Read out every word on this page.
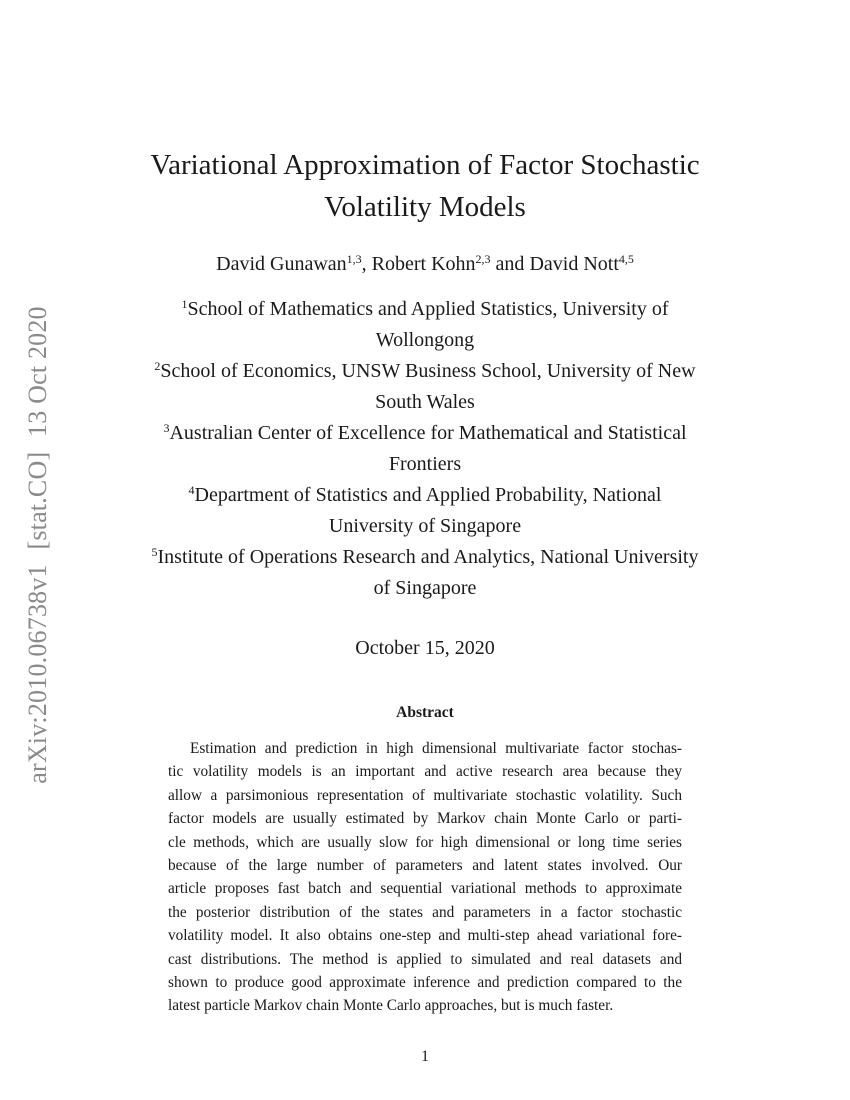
arXiv:2010.06738v1 [stat.CO] 13 Oct 2020
Variational Approximation of Factor Stochastic
Volatility Models
David Gunawan$^{1,3}$, Robert Kohn$^{2,3}$ and David Nott$^{4,5}$
$^1$School of Mathematics and Applied Statistics, University of
Wollongong
$^2$School of Economics, UNSW Business School, University of New
South Wales
$^3$Australian Center of Excellence for Mathematical and Statistical
Frontiers
$^4$Department of Statistics and Applied Probability, National
University of Singapore
$^5$Institute of Operations Research and Analytics, National University
of Singapore
October 15, 2020
Abstract
Estimation and prediction in high dimensional multivariate factor stochas-
tic volatility models is an important and active research area because they
allow a parsimonious representation of multivariate stochastic volatility. Such
factor models are usually estimated by Markov chain Monte Carlo or parti-
cle methods, which are usually slow for high dimensional or long time series
because of the large number of parameters and latent states involved. Our
article proposes fast batch and sequential variational methods to approximate
the posterior distribution of the states and parameters in a factor stochastic
volatility model. It also obtains one-step and multi-step ahead variational fore-
cast distributions. The method is applied to simulated and real datasets and
shown to produce good approximate inference and prediction compared to the
latest particle Markov chain Monte Carlo approaches, but is much faster.
1
